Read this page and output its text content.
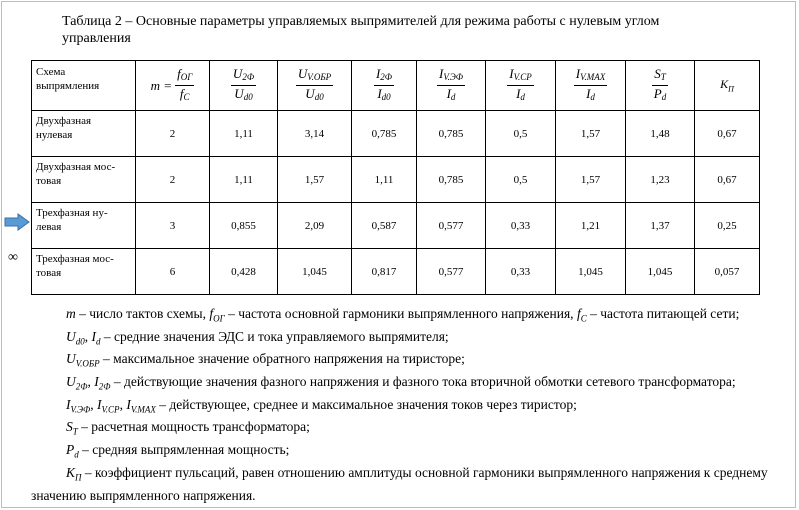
Таблица 2 – Основные параметры управляемых выпрямителей для режима работы с нулевым углом управления
∞
Схема выпрямления	$m = \frac{f_{ОГ}}{f_C}$	$\frac{U_{2Ф}}{U_{d0}}$	$\frac{U_{V.ОБР}}{U_{d0}}$	$\frac{I_{2Ф}}{I_{d0}}$	$\frac{I_{V.ЭФ}}{I_d}$	$\frac{I_{V.СР}}{I_d}$	$\frac{I_{V.MAX}}{I_d}$	$\frac{S_T}{P_d}$	$K_П$
Двухфазная
нулевая	2	1,11	3,14	0,785	0,785	0,5	1,57	1,48	0,67
Двухфазная мос-
товая	2	1,11	1,57	1,11	0,785	0,5	1,57	1,23	0,67
Трехфазная ну-
левая	3	0,855	2,09	0,587	0,577	0,33	1,21	1,37	0,25
Трехфазная мос-
товая	6	0,428	1,045	0,817	0,577	0,33	1,045	1,045	0,057

m – число тактов схемы, $f_{ОГ}$ – частота основной гармоники выпрямленного напряжения, $f_C$ – частота питающей сети;

$U_{d0}$, $I_d$ – средние значения ЭДС и тока управляемого выпрямителя;

$U_{V.ОБР}$ – максимальное значение обратного напряжения на тиристоре;

$U_{2Ф}$, $I_{2Ф}$ – действующие значения фазного напряжения и фазного тока вторичной обмотки сетевого трансформатора;

$I_{V.ЭФ}$, $I_{V.СР}$, $I_{V.MAX}$ – действующее, среднее и максимальное значения токов через тиристор;

$S_T$ – расчетная мощность трансформатора;

$P_d$ – средняя выпрямленная мощность;

$K_П$ – коэффициент пульсаций, равен отношению амплитуды основной гармоники выпрямленного напряжения к среднему значению выпрямленного напряжения.
